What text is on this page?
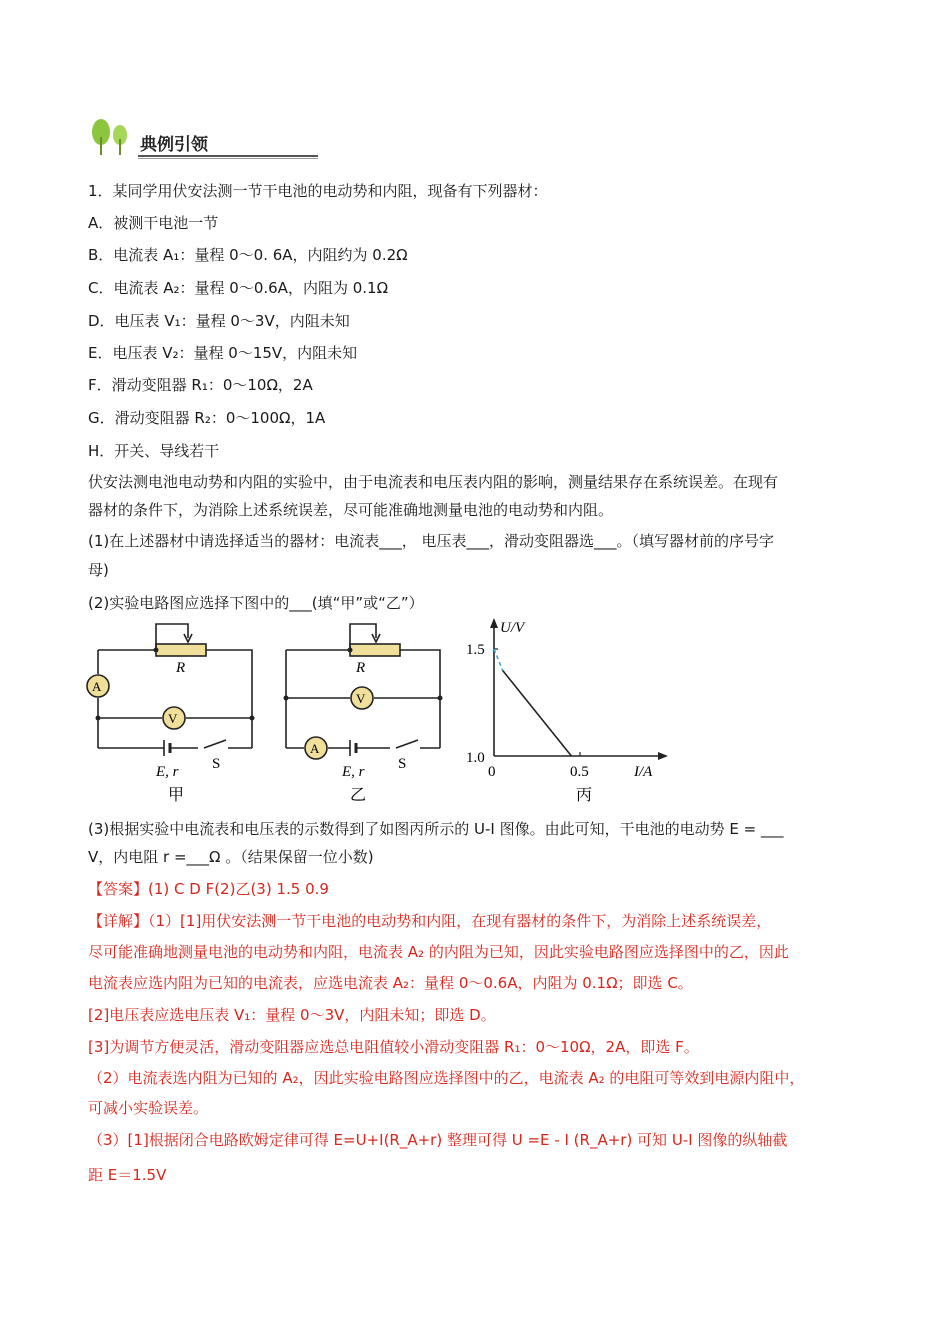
典例引领
1．某同学用伏安法测一节干电池的电动势和内阻，现备有下列器材：
A．被测干电池一节
B．电流表 A₁：量程 0～0. 6A，内阻约为 0.2Ω
C．电流表 A₂：量程 0～0.6A，内阻为 0.1Ω
D．电压表 V₁：量程 0～3V，内阻未知
E．电压表 V₂：量程 0～15V，内阻未知
F．滑动变阻器 R₁：0～10Ω，2A
G．滑动变阻器 R₂：0～100Ω，1A
H．开关、导线若干
伏安法测电池电动势和内阻的实验中，由于电流表和电压表内阻的影响，测量结果存在系统误差。在现有
器材的条件下，为消除上述系统误差，尽可能准确地测量电池的电动势和内阻。
(1)在上述器材中请选择适当的器材：电流表___， 电压表___，滑动变阻器选___。（填写器材前的序号字
母)
(2)实验电路图应选择下图中的___(填“甲”或“乙”）
R
A
V
E, r S
甲
R
V
A
E, r S
乙
U/V
I/A
1.5
1.0
0	0.5
丙
(3)根据实验中电流表和电压表的示数得到了如图丙所示的 U-I 图像。由此可知，干电池的电动势 E = ___
V，内电阻 r =___Ω 。（结果保留一位小数)
【答案】(1) C D F(2)乙(3) 1.5 0.9
【详解】（1）[1]用伏安法测一节干电池的电动势和内阻，在现有器材的条件下，为消除上述系统误差，
尽可能准确地测量电池的电动势和内阻，电流表 A₂ 的内阻为已知，因此实验电路图应选择图中的乙，因此
电流表应选内阻为已知的电流表，应选电流表 A₂：量程 0～0.6A，内阻为 0.1Ω；即选 C。
[2]电压表应选电压表 V₁：量程 0～3V，内阻未知；即选 D。
[3]为调节方便灵活，滑动变阻器应选总电阻值较小滑动变阻器 R₁：0～10Ω，2A，即选 F。
（2）电流表选内阻为已知的 A₂，因此实验电路图应选择图中的乙，电流表 A₂ 的电阻可等效到电源内阻中，
可减小实验误差。
（3）[1]根据闭合电路欧姆定律可得 E=U+I(R_A+r) 整理可得 U =E - I (R_A+r) 可知 U-I 图像的纵轴截
距 E＝1.5V
